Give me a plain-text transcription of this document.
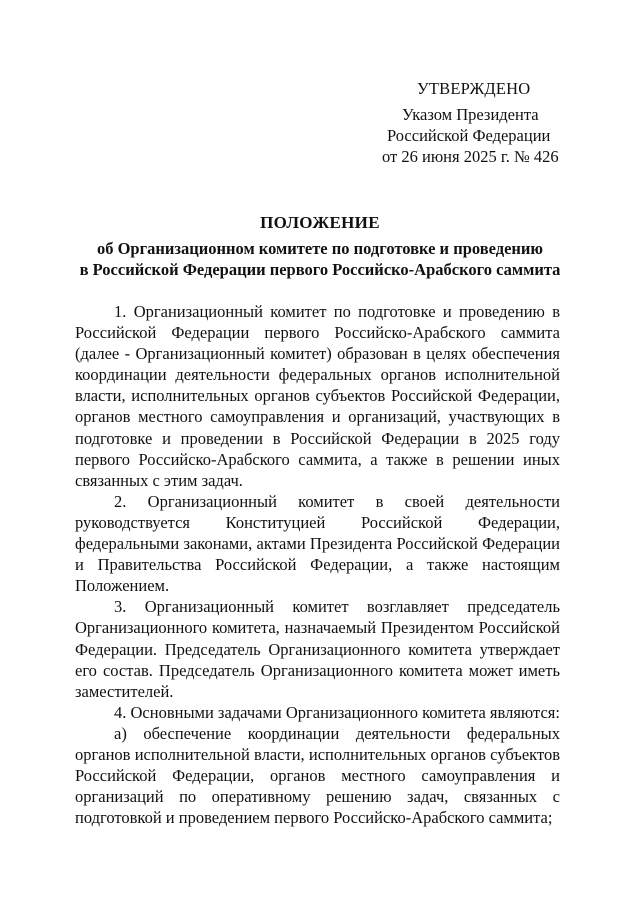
УТВЕРЖДЕНО
Указом Президента
Российской Федерации
от 26 июня 2025 г. № 426
ПОЛОЖЕНИЕ
об Организационном комитете по подготовке и проведению
в Российской Федерации первого Российско-Арабского саммита

1. Организационный комитет по подготовке и проведению в Российской Федерации первого Российско-Арабского саммита (далее - Организационный комитет) образован в целях обеспечения координации деятельности федеральных органов исполнительной власти, исполнительных органов субъектов Российской Федерации, органов местного самоуправления и организаций, участвующих в подготовке и проведении в Российской Федерации в 2025 году первого Российско-Арабского саммита, а также в решении иных связанных с этим задач.

2. Организационный комитет в своей деятельности руководствуется Конституцией Российской Федерации, федеральными законами, актами Президента Российской Федерации и Правительства Российской Федерации, а также настоящим Положением.

3. Организационный комитет возглавляет председатель Организационного комитета, назначаемый Президентом Российской Федерации. Председатель Организационного комитета утверждает его состав. Председатель Организационного комитета может иметь заместителей.

4. Основными задачами Организационного комитета являются:

а) обеспечение координации деятельности федеральных органов исполнительной власти, исполнительных органов субъектов Российской Федерации, органов местного самоуправления и организаций по оперативному решению задач, связанных с подготовкой и проведением первого Российско-Арабского саммита;
